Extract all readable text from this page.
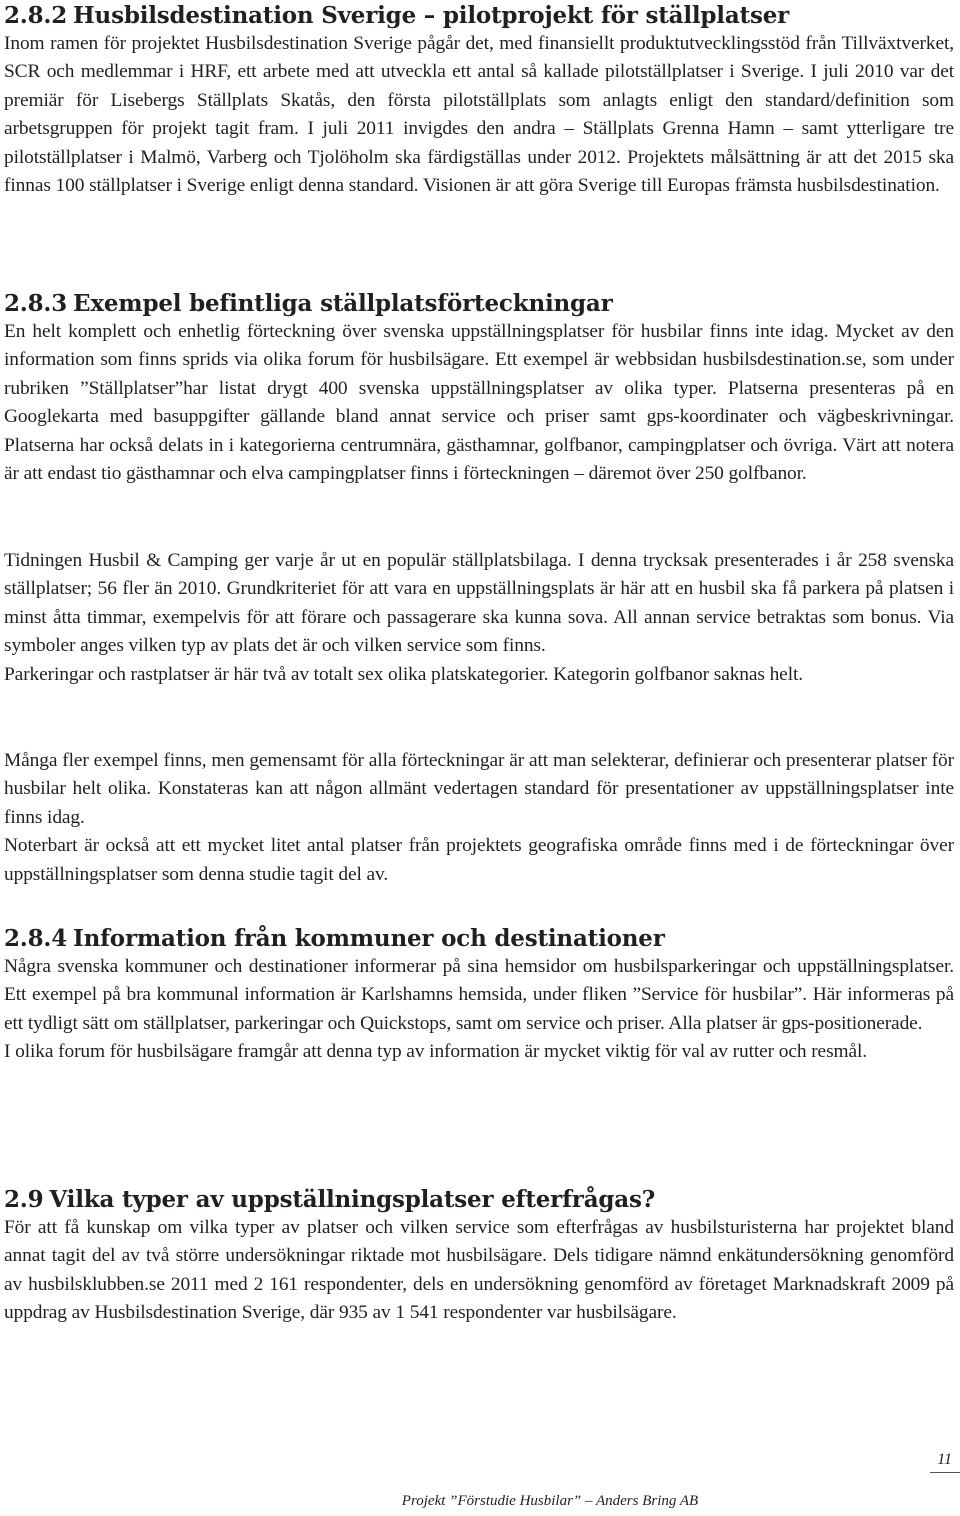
2.8.2 Husbilsdestination Sverige – pilotprojekt för ställplatser

Inom ramen för projektet Husbilsdestination Sverige pågår det, med finansiellt produktutvecklingsstöd från Tillväxtverket, SCR och medlemmar i HRF, ett arbete med att utveckla ett antal så kallade pilotställplatser i Sverige. I juli 2010 var det premiär för Lisebergs Ställplats Skatås, den första pilotställplats som anlagts enligt den standard/definition som arbetsgruppen för projekt tagit fram. I juli 2011 invigdes den andra – Ställplats Grenna Hamn – samt ytterligare tre pilotställplatser i Malmö, Varberg och Tjolöholm ska färdigställas under 2012. Projektets målsättning är att det 2015 ska finnas 100 ställplatser i Sverige enligt denna standard. Visionen är att göra Sverige till Europas främsta husbilsdestination.

2.8.3 Exempel befintliga ställplatsförteckningar

En helt komplett och enhetlig förteckning över svenska uppställningsplatser för husbilar finns inte idag. Mycket av den information som finns sprids via olika forum för husbilsägare. Ett exempel är webbsidan husbilsdestination.se, som under rubriken ”Ställplatser”har listat drygt 400 svenska uppställningsplatser av olika typer. Platserna presenteras på en Googlekarta med basuppgifter gällande bland annat service och priser samt gps-koordinater och vägbeskrivningar. Platserna har också delats in i kategorierna centrumnära, gästhamnar, golfbanor, campingplatser och övriga. Värt att notera är att endast tio gästhamnar och elva campingplatser finns i förteckningen – däremot över 250 golfbanor.

Tidningen Husbil & Camping ger varje år ut en populär ställplatsbilaga. I denna trycksak presenterades i år 258 svenska ställplatser; 56 fler än 2010. Grundkriteriet för att vara en uppställningsplats är här att en husbil ska få parkera på platsen i minst åtta timmar, exempelvis för att förare och passagerare ska kunna sova. All annan service betraktas som bonus. Via symboler anges vilken typ av plats det är och vilken service som finns.

Parkeringar och rastplatser är här två av totalt sex olika platskategorier. Kategorin golfbanor saknas helt.

Många fler exempel finns, men gemensamt för alla förteckningar är att man selekterar, definierar och presenterar platser för husbilar helt olika. Konstateras kan att någon allmänt vedertagen standard för presentationer av uppställningsplatser inte finns idag.

Noterbart är också att ett mycket litet antal platser från projektets geografiska område finns med i de förteckningar över uppställningsplatser som denna studie tagit del av.

2.8.4 Information från kommuner och destinationer

Några svenska kommuner och destinationer informerar på sina hemsidor om husbilsparkeringar och uppställningsplatser. Ett exempel på bra kommunal information är Karlshamns hemsida, under fliken ”Service för husbilar”. Här informeras på ett tydligt sätt om ställplatser, parkeringar och Quickstops, samt om service och priser. Alla platser är gps-positionerade.

I olika forum för husbilsägare framgår att denna typ av information är mycket viktig för val av rutter och resmål.

2.9 Vilka typer av uppställningsplatser efterfrågas?

För att få kunskap om vilka typer av platser och vilken service som efterfrågas av husbilsturisterna har projektet bland annat tagit del av två större undersökningar riktade mot husbilsägare. Dels tidigare nämnd enkätundersökning genomförd av husbilsklubben.se 2011 med 2 161 respondenter, dels en undersökning genomförd av företaget Marknadskraft 2009 på uppdrag av Husbilsdestination Sverige, där 935 av 1 541 respondenter var husbilsägare.

11
Projekt ”Förstudie Husbilar” – Anders Bring AB
